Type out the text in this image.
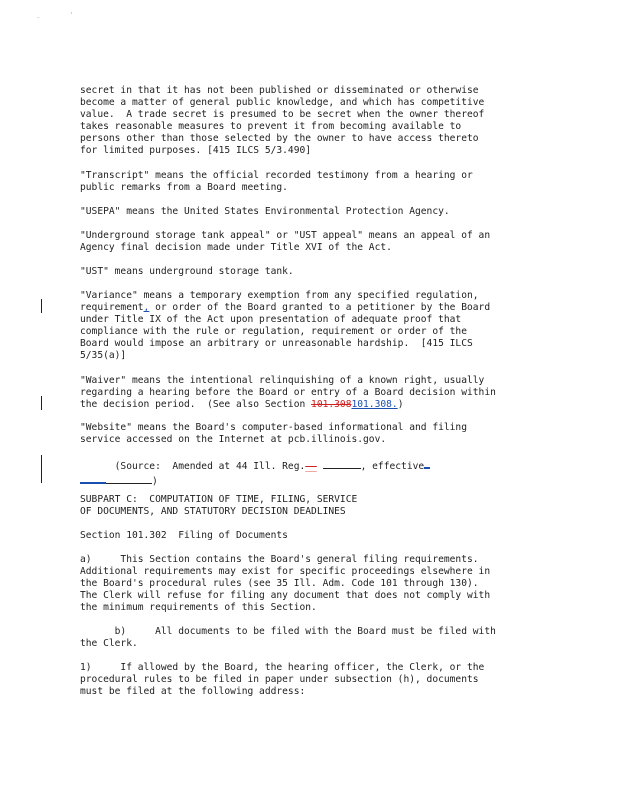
-	'
secret in that it has not been published or disseminated or otherwise
become a matter of general public knowledge, and which has competitive
value.  A trade secret is presumed to be secret when the owner thereof
takes reasonable measures to prevent it from becoming available to
persons other than those selected by the owner to have access thereto
for limited purposes. [415 ILCS 5/3.490]
"Transcript" means the official recorded testimony from a hearing or
public remarks from a Board meeting.
"USEPA" means the United States Environmental Protection Agency.
"Underground storage tank appeal" or "UST appeal" means an appeal of an
Agency final decision made under Title XVI of the Act.
"UST" means underground storage tank.
"Variance" means a temporary exemption from any specified regulation,
requirement, or order of the Board granted to a petitioner by the Board
under Title IX of the Act upon presentation of adequate proof that
compliance with the rule or regulation, requirement or order of the
Board would impose an arbitrary or unreasonable hardship.  [415 ILCS
5/35(a)]
"Waiver" means the intentional relinquishing of a known right, usually
regarding a hearing before the Board or entry of a Board decision within
the decision period.  (See also Section 101.308101.308.)
"Website" means the Board's computer-based informational and filing
service accessed on the Internet at pcb.illinois.gov.
(Source:  Amended at 44 Ill. Reg.__	, effective
)
SUBPART C:  COMPUTATION OF TIME, FILING, SERVICE
OF DOCUMENTS, AND STATUTORY DECISION DEADLINES
Section 101.302  Filing of Documents
a)     This Section contains the Board's general filing requirements.
Additional requirements may exist for specific proceedings elsewhere in
the Board's procedural rules (see 35 Ill. Adm. Code 101 through 130).
The Clerk will refuse for filing any document that does not comply with
the minimum requirements of this Section.
b)     All documents to be filed with the Board must be filed with
the Clerk.
1)     If allowed by the Board, the hearing officer, the Clerk, or the
procedural rules to be filed in paper under subsection (h), documents
must be filed at the following address:
